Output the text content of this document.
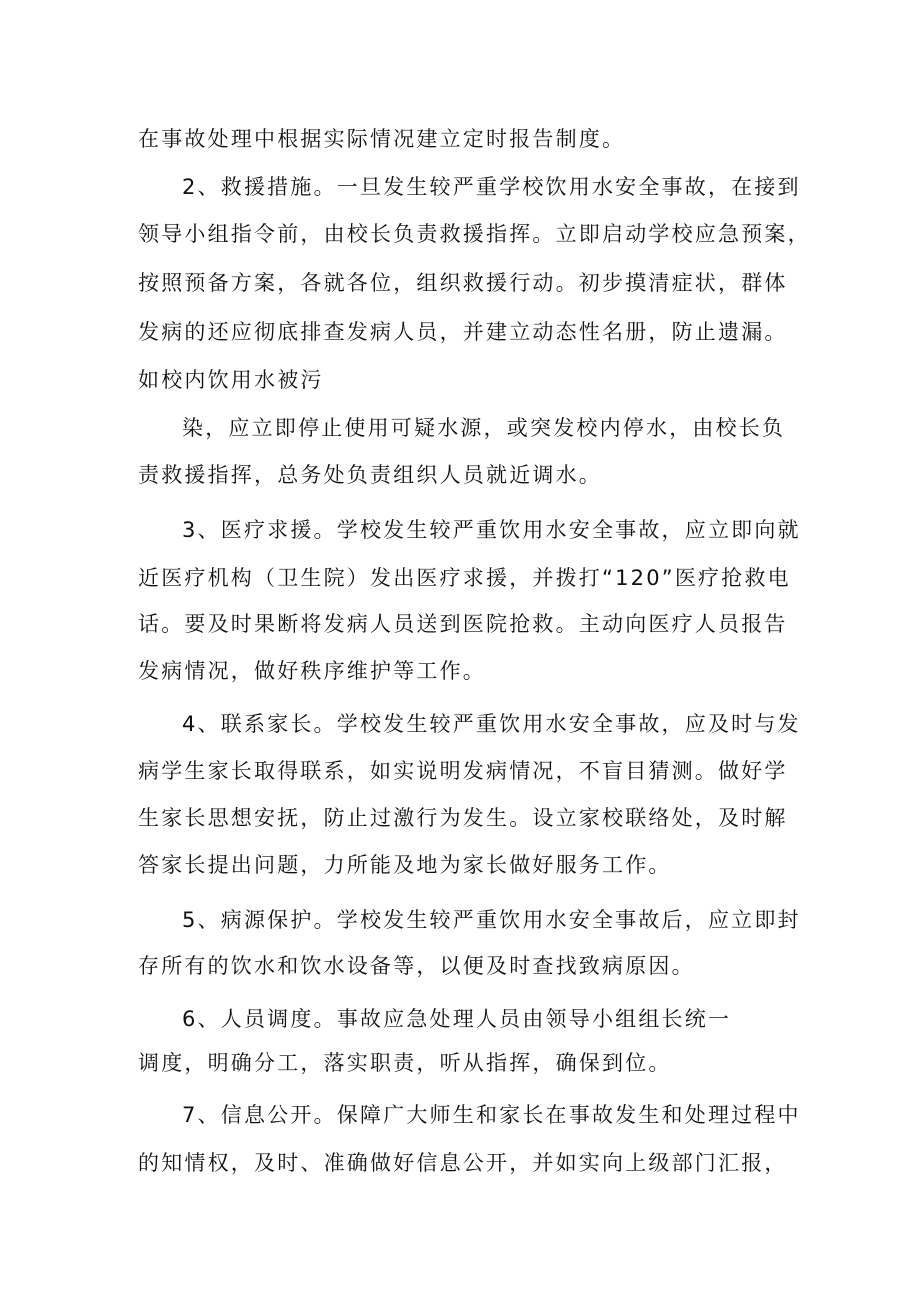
在事故处理中根据实际情况建立定时报告制度。
2、救援措施。一旦发生较严重学校饮用水安全事故，在接到
领导小组指令前，由校长负责救援指挥。立即启动学校应急预案，
按照预备方案，各就各位，组织救援行动。初步摸清症状，群体
发病的还应彻底排查发病人员，并建立动态性名册，防止遗漏。
如校内饮用水被污
染，应立即停止使用可疑水源，或突发校内停水，由校长负
责救援指挥，总务处负责组织人员就近调水。
3、医疗求援。学校发生较严重饮用水安全事故，应立即向就
近医疗机构（卫生院）发出医疗求援，并拨打“120”医疗抢救电
话。要及时果断将发病人员送到医院抢救。主动向医疗人员报告
发病情况，做好秩序维护等工作。
4、联系家长。学校发生较严重饮用水安全事故，应及时与发
病学生家长取得联系，如实说明发病情况，不盲目猜测。做好学
生家长思想安抚，防止过激行为发生。设立家校联络处，及时解
答家长提出问题，力所能及地为家长做好服务工作。
5、病源保护。学校发生较严重饮用水安全事故后，应立即封
存所有的饮水和饮水设备等，以便及时查找致病原因。
6、人员调度。事故应急处理人员由领导小组组长统一
调度，明确分工，落实职责，听从指挥，确保到位。
7、信息公开。保障广大师生和家长在事故发生和处理过程中
的知情权，及时、准确做好信息公开，并如实向上级部门汇报，
